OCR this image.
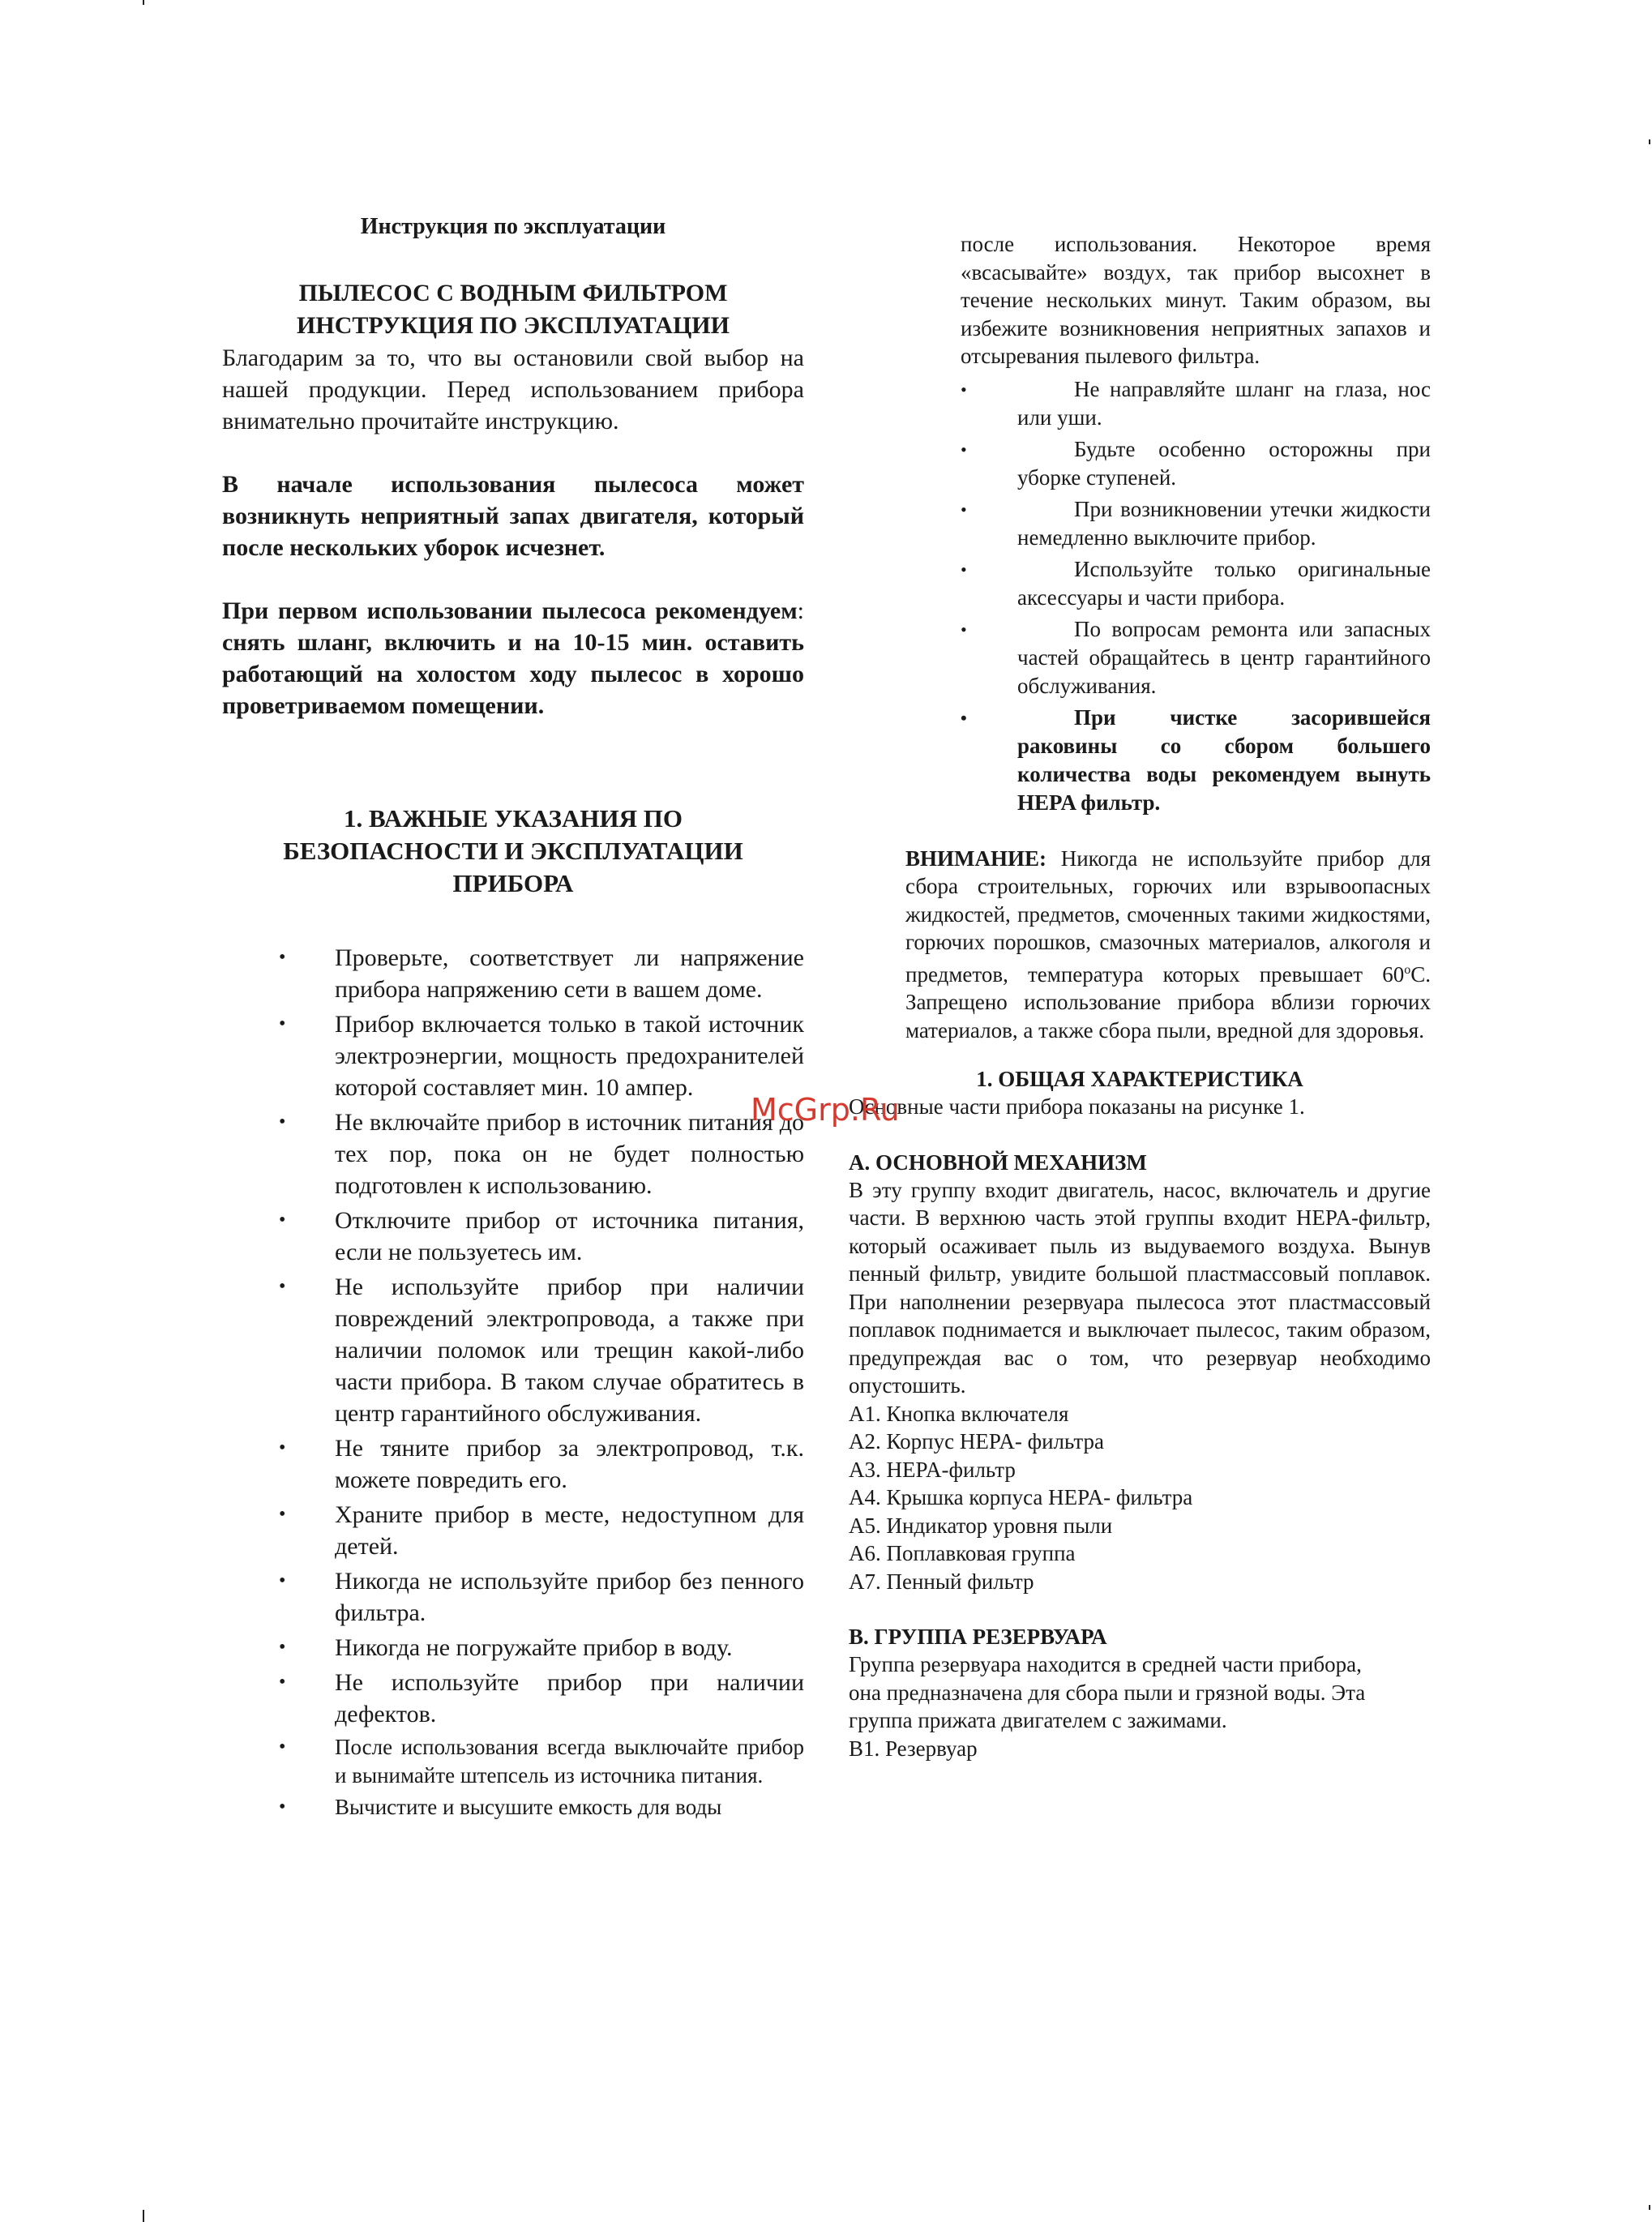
Инструкция по эксплуатации

ПЫЛЕСОС С ВОДНЫМ ФИЛЬТРОМ
ИНСТРУКЦИЯ ПО ЭКСПЛУАТАЦИИ

Благодарим за то, что вы остановили свой выбор на нашей продукции. Перед использованием прибора внимательно прочитайте инструкцию.

В начале использования пылесоса может возникнуть неприятный запах двигателя, который после нескольких уборок исчезнет.

При первом использовании пылесоса рекомендуем: снять шланг, включить и на 10-15 мин. оставить работающий на холостом ходу пылесос в хорошо проветриваемом помещении.

1. ВАЖНЫЕ УКАЗАНИЯ ПО БЕЗОПАСНОСТИ И ЭКСПЛУАТАЦИИ ПРИБОРА

• Проверьте, соответствует ли напряжение прибора напряжению сети в вашем доме.
• Прибор включается только в такой источник электроэнергии, мощность предохранителей которой составляет мин. 10 ампер.
• Не включайте прибор в источник питания до тех пор, пока он не будет полностью подготовлен к использованию.
• Отключите прибор от источника питания, если не пользуетесь им.
• Не используйте прибор при наличии повреждений электропровода, а также при наличии поломок или трещин какой-либо части прибора. В таком случае обратитесь в центр гарантийного обслуживания.
• Не тяните прибор за электропровод, т.к. можете повредить его.
• Храните прибор в месте, недоступном для детей.
• Никогда не используйте прибор без пенного фильтра.
• Никогда не погружайте прибор в воду.
• Не используйте прибор при наличии дефектов.
• После использования всегда выключайте прибор и вынимайте штепсель из источника питания.
• Вычистите и высушите емкость для воды

после использования. Некоторое время «всасывайте» воздух, так прибор высохнет в течение нескольких минут. Таким образом, вы избежите возникновения неприятных запахов и отсыревания пылевого фильтра.

•	Не направляйте шланг на глаза, нос или уши.
•	Будьте особенно осторожны при уборке ступеней.
•	При возникновении утечки жидкости немедленно выключите прибор.
•	Используйте только оригинальные аксессуары и части прибора.
•	По вопросам ремонта или запасных частей обращайтесь в центр гарантийного обслуживания.
•	При чистке засорившейся раковины со сбором большего количества воды рекомендуем вынуть HEPA фильтр.

ВНИМАНИЕ: Никогда не используйте прибор для сбора строительных, горючих или взрывоопасных жидкостей, предметов, смоченных такими жидкостями, горючих порошков, смазочных материалов, алкоголя и предметов, температура которых превышает 60$^o$С. Запрещено использование прибора вблизи горючих материалов, а также сбора пыли, вредной для здоровья.

1. ОБЩАЯ ХАРАКТЕРИСТИКА

Основные части прибора показаны на рисунке 1.

А. ОСНОВНОЙ МЕХАНИЗМ

В эту группу входит двигатель, насос, включатель и другие части. В верхнюю часть этой группы входит HEPA-фильтр, который осаживает пыль из выдуваемого воздуха. Вынув пенный фильтр, увидите большой пластмассовый поплавок. При наполнении резервуара пылесоса этот пластмассовый поплавок поднимается и выключает пылесос, таким образом, предупреждая вас о том, что резервуар необходимо опустошить.

А1. Кнопка включателя

А2. Корпус HEPA- фильтра

А3. HEPA-фильтр

А4. Крышка корпуса HEPA- фильтра

А5. Индикатор уровня пыли

А6. Поплавковая группа

А7. Пенный фильтр

В. ГРУППА РЕЗЕРВУАРА

Группа резервуара находится в средней части прибора, она предназначена для сбора пыли и грязной воды. Эта группа прижата двигателем с зажимами.

В1. Резервуар

McGrp.Ru
